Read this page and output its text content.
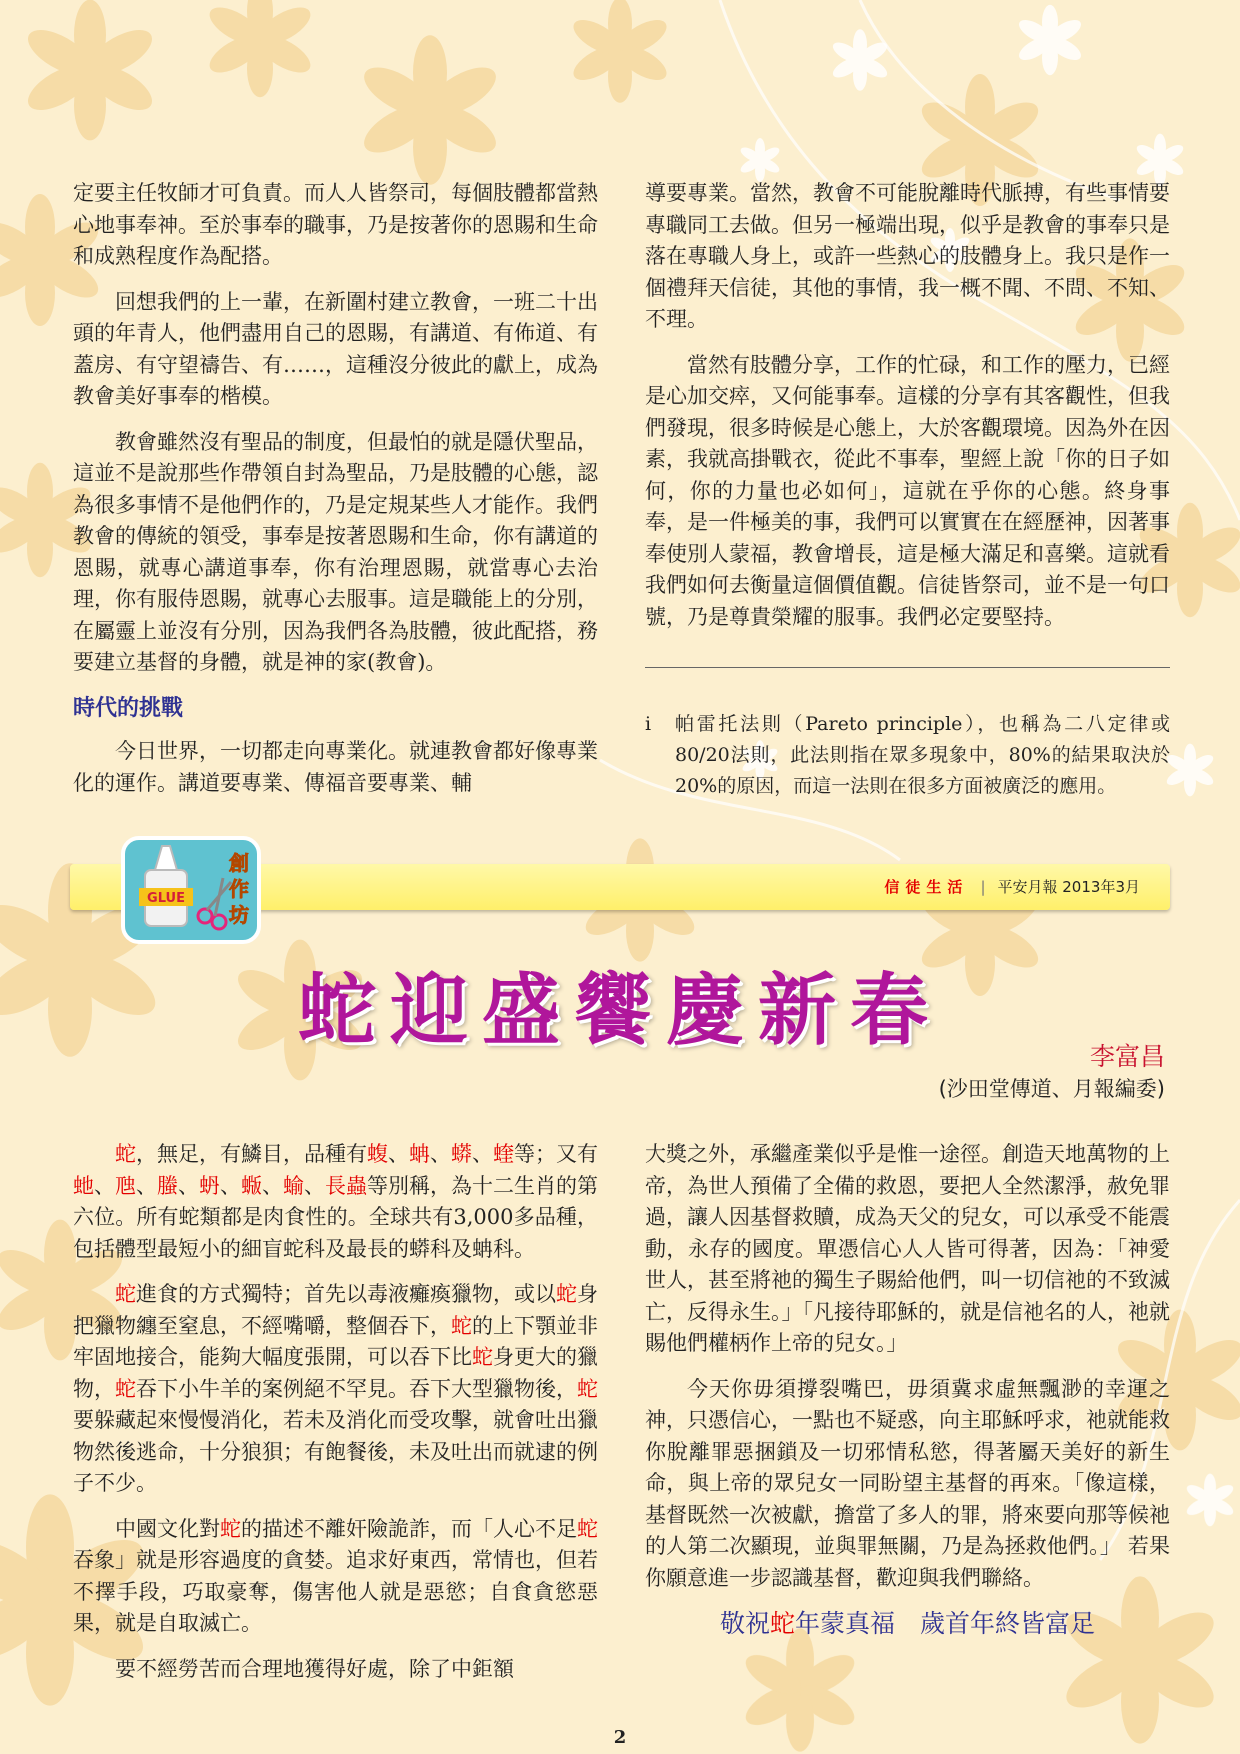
定要主任牧師才可負責。而人人皆祭司，每個肢體都當熱心地事奉神。至於事奉的職事，乃是按著你的恩賜和生命和成熟程度作為配搭。

回想我們的上一輩，在新圍村建立教會，一班二十出頭的年青人，他們盡用自己的恩賜，有講道、有佈道、有蓋房、有守望禱告、有……，這種沒分彼此的獻上，成為教會美好事奉的楷模。

教會雖然沒有聖品的制度，但最怕的就是隱伏聖品，這並不是說那些作帶領自封為聖品，乃是肢體的心態，認為很多事情不是他們作的，乃是定規某些人才能作。我們教會的傳統的領受，事奉是按著恩賜和生命，你有講道的恩賜，就專心講道事奉，你有治理恩賜，就當專心去治理，你有服侍恩賜，就專心去服事。這是職能上的分別，在屬靈上並沒有分別，因為我們各為肢體，彼此配搭，務要建立基督的身體，就是神的家(教會)。

時代的挑戰

今日世界，一切都走向專業化。就連教會都好像專業化的運作。講道要專業、傳福音要專業、輔

導要專業。當然，教會不可能脫離時代脈搏，有些事情要專職同工去做。但另一極端出現，似乎是教會的事奉只是落在專職人身上，或許一些熱心的肢體身上。我只是作一個禮拜天信徒，其他的事情，我一概不聞、不問、不知、不理。

當然有肢體分享，工作的忙碌，和工作的壓力，已經是心加交瘁，又何能事奉。這樣的分享有其客觀性，但我們發現，很多時候是心態上，大於客觀環境。因為外在因素，我就高掛戰衣，從此不事奉，聖經上說「你的日子如何，你的力量也必如何」，這就在乎你的心態。終身事奉，是一件極美的事，我們可以實實在在經歷神，因著事奉使別人蒙福，教會增長，這是極大滿足和喜樂。這就看我們如何去衡量這個價值觀。信徒皆祭司，並不是一句口號，乃是尊貴榮耀的服事。我們必定要堅持。

i 帕雷托法則（Pareto principle），也稱為二八定律或80/20法則，此法則指在眾多現象中，80%的結果取決於20%的原因，而這一法則在很多方面被廣泛的應用。
信徒生活 | 平安月報 2013年3月
GLUE
創
作
坊
蛇迎盛饗慶新春
李富昌
(沙田堂傳道、月報編委)

蛇，無足，有鱗目，品種有蝮、蚺、蟒、蝰等；又有虵、虺、螣、蚒、蝂、蝓、長蟲等別稱，為十二生肖的第六位。所有蛇類都是肉食性的。全球共有3,000多品種，包括體型最短小的細盲蛇科及最長的蟒科及蚺科。

蛇進食的方式獨特；首先以毒液癱瘓獵物，或以蛇身把獵物纏至窒息，不經嘴嚼，整個吞下，蛇的上下顎並非牢固地接合，能夠大幅度張開，可以吞下比蛇身更大的獵物，蛇吞下小牛羊的案例絕不罕見。吞下大型獵物後，蛇要躲藏起來慢慢消化，若未及消化而受攻擊，就會吐出獵物然後逃命，十分狼狽；有飽餐後，未及吐出而就逮的例子不少。

中國文化對蛇的描述不離奸險詭詐，而「人心不足蛇吞象」就是形容過度的貪婪。追求好東西，常情也，但若不擇手段，巧取豪奪，傷害他人就是惡慾；自食貪慾惡果，就是自取滅亡。

要不經勞苦而合理地獲得好處，除了中鉅額

大獎之外，承繼產業似乎是惟一途徑。創造天地萬物的上帝，為世人預備了全備的救恩，要把人全然潔淨，赦免罪過，讓人因基督救贖，成為天父的兒女，可以承受不能震動，永存的國度。單憑信心人人皆可得著，因為：「神愛世人，甚至將祂的獨生子賜給他們，叫一切信祂的不致滅亡，反得永生。」「凡接待耶穌的，就是信祂名的人，祂就賜他們權柄作上帝的兒女。」

今天你毋須撐裂嘴巴，毋須冀求虛無飄渺的幸運之神，只憑信心，一點也不疑惑，向主耶穌呼求，祂就能救你脫離罪惡捆鎖及一切邪情私慾，得著屬天美好的新生命，與上帝的眾兒女一同盼望主基督的再來。「像這樣，基督既然一次被獻，擔當了多人的罪，將來要向那等候祂的人第二次顯現，並與罪無關，乃是為拯救他們。」 若果你願意進一步認識基督，歡迎與我們聯絡。

敬祝蛇年蒙真福　歲首年終皆富足
2
